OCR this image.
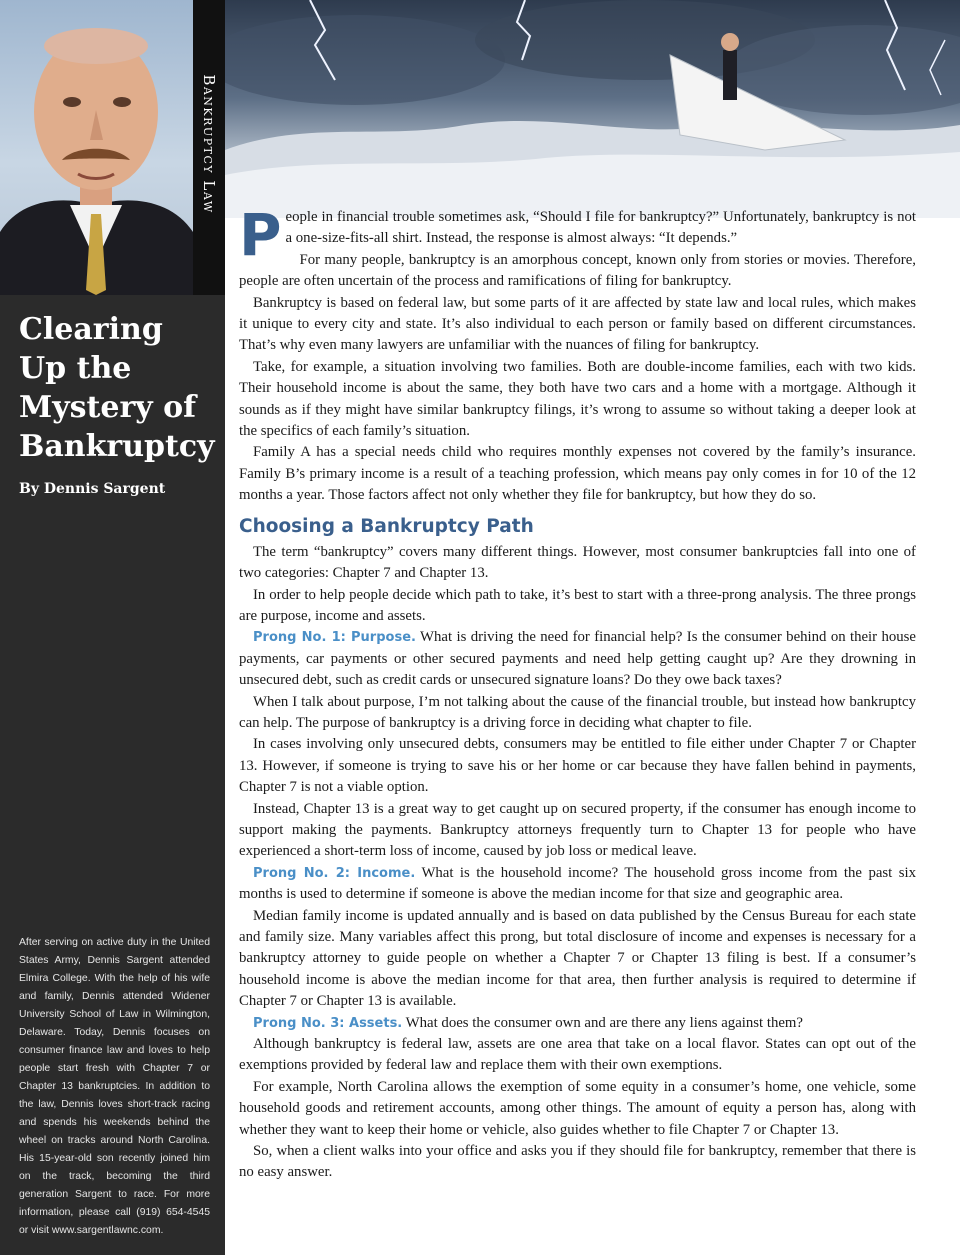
Bankruptcy Law
Clearing Up the Mystery of Bankruptcy
By Dennis Sargent

After serving on active duty in the United States Army, Dennis Sargent attended Elmira College. With the help of his wife and family, Dennis attended Widener University School of Law in Wilmington, Delaware. Today, Dennis focuses on consumer finance law and loves to help people start fresh with Chapter 7 or Chapter 13 bankruptcies. In addition to the law, Dennis loves short-track racing and spends his weekends behind the wheel on tracks around North Carolina. His 15-year-old son recently joined him on the track, becoming the third generation Sargent to race. For more information, please call (919) 654-4545 or visit www.sargentlawnc.com.

People in financial trouble sometimes ask, “Should I file for bankruptcy?” Unfortunately, bankruptcy is not a one-size-fits-all shirt. Instead, the response is almost always: “It depends.”

For many people, bankruptcy is an amorphous concept, known only from stories or movies. Therefore, people are often uncertain of the process and ramifications of filing for bankruptcy.

Bankruptcy is based on federal law, but some parts of it are affected by state law and local rules, which makes it unique to every city and state. It’s also individual to each person or family based on different circumstances. That’s why even many lawyers are unfamiliar with the nuances of filing for bankruptcy.

Take, for example, a situation involving two families. Both are double-income families, each with two kids. Their household income is about the same, they both have two cars and a home with a mortgage. Although it sounds as if they might have similar bankruptcy filings, it’s wrong to assume so without taking a deeper look at the specifics of each family’s situation.

Family A has a special needs child who requires monthly expenses not covered by the family’s insurance. Family B’s primary income is a result of a teaching profession, which means pay only comes in for 10 of the 12 months a year. Those factors affect not only whether they file for bankruptcy, but how they do so.

Choosing a Bankruptcy Path

The term “bankruptcy” covers many different things. However, most consumer bankruptcies fall into one of two categories: Chapter 7 and Chapter 13.

In order to help people decide which path to take, it’s best to start with a three-prong analysis. The three prongs are purpose, income and assets.

Prong No. 1: Purpose. What is driving the need for financial help? Is the consumer behind on their house payments, car payments or other secured payments and need help getting caught up? Are they drowning in unsecured debt, such as credit cards or unsecured signature loans? Do they owe back taxes?

When I talk about purpose, I’m not talking about the cause of the financial trouble, but instead how bankruptcy can help. The purpose of bankruptcy is a driving force in deciding what chapter to file.

In cases involving only unsecured debts, consumers may be entitled to file either under Chapter 7 or Chapter 13. However, if someone is trying to save his or her home or car because they have fallen behind in payments, Chapter 7 is not a viable option.

Instead, Chapter 13 is a great way to get caught up on secured property, if the consumer has enough income to support making the payments. Bankruptcy attorneys frequently turn to Chapter 13 for people who have experienced a short-term loss of income, caused by job loss or medical leave.

Prong No. 2: Income. What is the household income? The household gross income from the past six months is used to determine if someone is above the median income for that size and geographic area.

Median family income is updated annually and is based on data published by the Census Bureau for each state and family size. Many variables affect this prong, but total disclosure of income and expenses is necessary for a bankruptcy attorney to guide people on whether a Chapter 7 or Chapter 13 filing is best. If a consumer’s household income is above the median income for that area, then further analysis is required to determine if Chapter 7 or Chapter 13 is available.

Prong No. 3: Assets. What does the consumer own and are there any liens against them?

Although bankruptcy is federal law, assets are one area that take on a local flavor. States can opt out of the exemptions provided by federal law and replace them with their own exemptions.

For example, North Carolina allows the exemption of some equity in a consumer’s home, one vehicle, some household goods and retirement accounts, among other things. The amount of equity a person has, along with whether they want to keep their home or vehicle, also guides whether to file Chapter 7 or Chapter 13.

So, when a client walks into your office and asks you if they should file for bankruptcy, remember that there is no easy answer.
